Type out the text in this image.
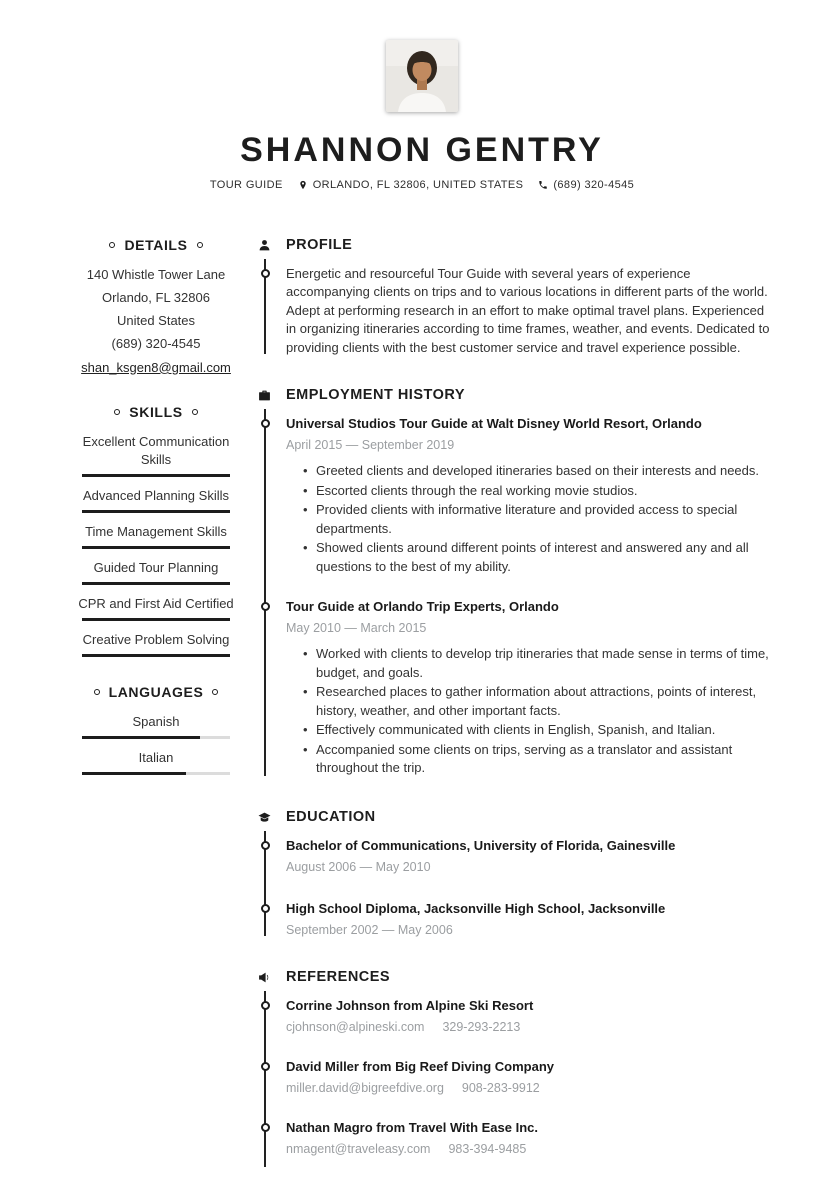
SHANNON GENTRY
TOUR GUIDE	ORLANDO, FL 32806, UNITED STATES	(689) 320-4545
DETAILS

140 Whistle Tower Lane

Orlando, FL 32806

United States

(689) 320-4545

shan_ksgen8@gmail.com
SKILLS
Excellent Communication Skills
Advanced Planning Skills
Time Management Skills
Guided Tour Planning
CPR and First Aid Certified
Creative Problem Solving
LANGUAGES
Spanish
Italian
PROFILE

Energetic and resourceful Tour Guide with several years of experience accompanying clients on trips and to various locations in different parts of the world. Adept at performing research in an effort to make optimal travel plans. Experienced in organizing itineraries according to time frames, weather, and events. Dedicated to providing clients with the best customer service and travel experience possible.

EMPLOYMENT HISTORY
Universal Studios Tour Guide at Walt Disney World Resort, Orlando

April 2015 — September 2019

• Greeted clients and developed itineraries based on their interests and needs.
• Escorted clients through the real working movie studios.
• Provided clients with informative literature and provided access to special departments.
• Showed clients around different points of interest and answered any and all questions to the best of my ability.
Tour Guide at Orlando Trip Experts, Orlando

May 2010 — March 2015

• Worked with clients to develop trip itineraries that made sense in terms of time, budget, and goals.
• Researched places to gather information about attractions, points of interest, history, weather, and other important facts.
• Effectively communicated with clients in English, Spanish, and Italian.
• Accompanied some clients on trips, serving as a translator and assistant throughout the trip.
EDUCATION
Bachelor of Communications, University of Florida, Gainesville

August 2006 — May 2010

High School Diploma, Jacksonville High School, Jacksonville

September 2002 — May 2006

REFERENCES
Corrine Johnson from Alpine Ski Resort

cjohnson@alpineski.com 329-293-2213

David Miller from Big Reef Diving Company

miller.david@bigreefdive.org 908-283-9912

Nathan Magro from Travel With Ease Inc.

nmagent@traveleasy.com 983-394-9485
